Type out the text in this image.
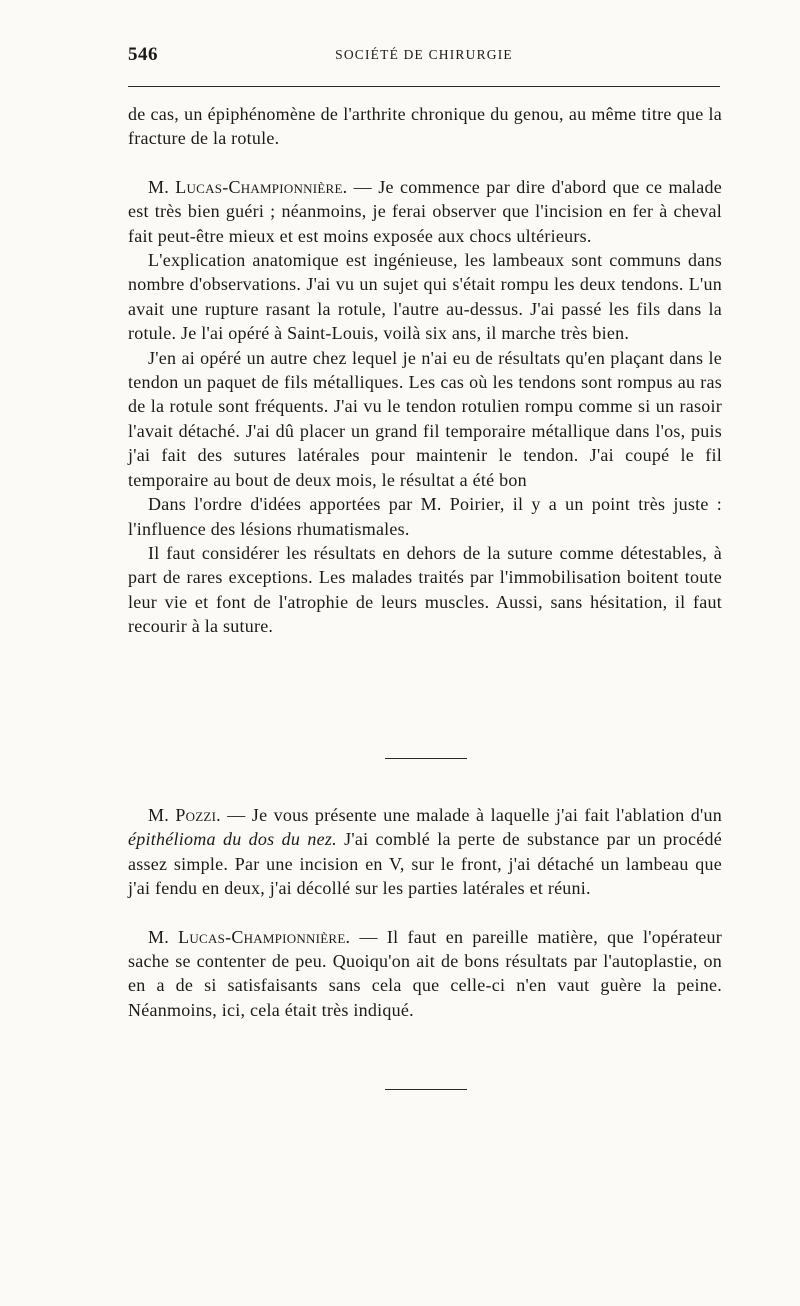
546	SOCIÉTÉ DE CHIRURGIE

de cas, un épiphénomène de l'arthrite chronique du genou, au même titre que la fracture de la rotule.

M. Lucas-Championnière. — Je commence par dire d'abord que ce malade est très bien guéri ; néanmoins, je ferai observer que l'incision en fer à cheval fait peut-être mieux et est moins exposée aux chocs ultérieurs.

L'explication anatomique est ingénieuse, les lambeaux sont communs dans nombre d'observations. J'ai vu un sujet qui s'était rompu les deux tendons. L'un avait une rupture rasant la rotule, l'autre au-dessus. J'ai passé les fils dans la rotule. Je l'ai opéré à Saint-Louis, voilà six ans, il marche très bien.

J'en ai opéré un autre chez lequel je n'ai eu de résultats qu'en plaçant dans le tendon un paquet de fils métalliques. Les cas où les tendons sont rompus au ras de la rotule sont fréquents. J'ai vu le tendon rotulien rompu comme si un rasoir l'avait détaché. J'ai dû placer un grand fil temporaire métallique dans l'os, puis j'ai fait des sutures latérales pour maintenir le tendon. J'ai coupé le fil temporaire au bout de deux mois, le résultat a été bon

Dans l'ordre d'idées apportées par M. Poirier, il y a un point très juste : l'influence des lésions rhumatismales.

Il faut considérer les résultats en dehors de la suture comme détestables, à part de rares exceptions. Les malades traités par l'immobilisation boitent toute leur vie et font de l'atrophie de leurs muscles. Aussi, sans hésitation, il faut recourir à la suture.

M. Pozzi. — Je vous présente une malade à laquelle j'ai fait l'ablation d'un épithélioma du dos du nez. J'ai comblé la perte de substance par un procédé assez simple. Par une incision en V, sur le front, j'ai détaché un lambeau que j'ai fendu en deux, j'ai décollé sur les parties latérales et réuni.

M. Lucas-Championnière. — Il faut en pareille matière, que l'opérateur sache se contenter de peu. Quoiqu'on ait de bons résultats par l'autoplastie, on en a de si satisfaisants sans cela que celle-ci n'en vaut guère la peine. Néanmoins, ici, cela était très indiqué.
